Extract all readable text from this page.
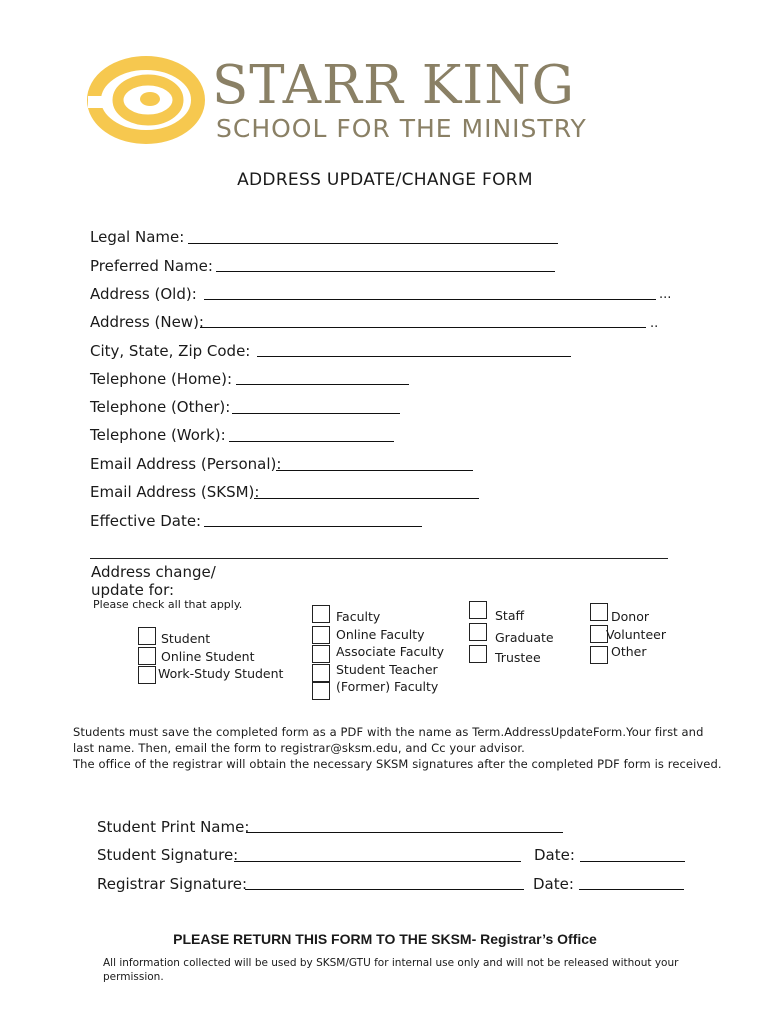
STARR KING
SCHOOL FOR THE MINISTRY
ADDRESS UPDATE/CHANGE FORM
Legal Name:
Preferred Name:
Address (Old):	...
Address (New):	..
City, State, Zip Code:
Telephone (Home):
Telephone (Other):
Telephone (Work):
Email Address (Personal):
Email Address (SKSM):
Effective Date:
Address change/
update for:
Please check all that apply.
Student
Online Student
Work-Study Student
Faculty
Online Faculty
Associate Faculty
Student Teacher
(Former) Faculty
Staff
Graduate
Trustee
Donor
Volunteer
Other
Students must save the completed form as a PDF with the name as Term.AddressUpdateForm.Your first and
last name. Then, email the form to registrar@sksm.edu, and Cc your advisor.
The office of the registrar will obtain the necessary SKSM signatures after the completed PDF form is received.
Student Print Name:
Student Signature:	Date:
Registrar Signature:	Date:
PLEASE RETURN THIS FORM TO THE SKSM- Registrar’s Office
All information collected will be used by SKSM/GTU for internal use only and will not be released without your
permission.
